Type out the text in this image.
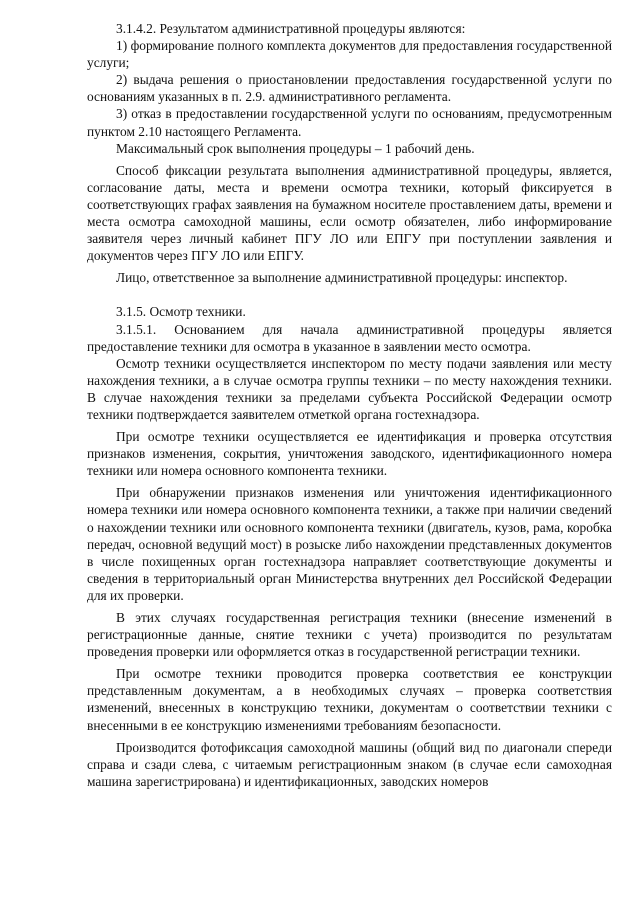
3.1.4.2. Результатом административной процедуры являются:

1) формирование полного комплекта документов для предоставления государственной услуги;

2) выдача решения о приостановлении предоставления государственной услуги по основаниям указанных в п. 2.9. административного регламента.

3) отказ в предоставлении государственной услуги по основаниям, предусмотренным пунктом 2.10 настоящего Регламента.

Максимальный срок выполнения процедуры – 1 рабочий день.

Способ фиксации результата выполнения административной процедуры, является, согласование даты, места и времени осмотра техники, который фиксируется в соответствующих графах заявления на бумажном носителе проставлением даты, времени и места осмотра самоходной машины, если осмотр обязателен, либо информирование заявителя через личный кабинет ПГУ ЛО или ЕПГУ при поступлении заявления и документов через ПГУ ЛО или ЕПГУ.

Лицо, ответственное за выполнение административной процедуры: инспектор.

3.1.5. Осмотр техники.

3.1.5.1. Основанием для начала административной процедуры является предоставление техники для осмотра в указанное в заявлении место осмотра.

Осмотр техники осуществляется инспектором по месту подачи заявления или месту нахождения техники, а в случае осмотра группы техники – по месту нахождения техники. В случае нахождения техники за пределами субъекта Российской Федерации осмотр техники подтверждается заявителем отметкой органа гостехнадзора.

При осмотре техники осуществляется ее идентификация и проверка отсутствия признаков изменения, сокрытия, уничтожения заводского, идентификационного номера техники или номера основного компонента техники.

При обнаружении признаков изменения или уничтожения идентификационного номера техники или номера основного компонента техники, а также при наличии сведений о нахождении техники или основного компонента техники (двигатель, кузов, рама, коробка передач, основной ведущий мост) в розыске либо нахождении представленных документов в числе похищенных орган гостехнадзора направляет соответствующие документы и сведения в территориальный орган Министерства внутренних дел Российской Федерации для их проверки.

В этих случаях государственная регистрация техники (внесение изменений в регистрационные данные, снятие техники с учета) производится по результатам проведения проверки или оформляется отказ в государственной регистрации техники.

При осмотре техники проводится проверка соответствия ее конструкции представленным документам, а в необходимых случаях – проверка соответствия изменений, внесенных в конструкцию техники, документам о соответствии техники с внесенными в ее конструкцию изменениями требованиям безопасности.

Производится фотофиксация самоходной машины (общий вид по диагонали спереди справа и сзади слева, с читаемым регистрационным знаком (в случае если самоходная машина зарегистрирована) и идентификационных, заводских номеров
